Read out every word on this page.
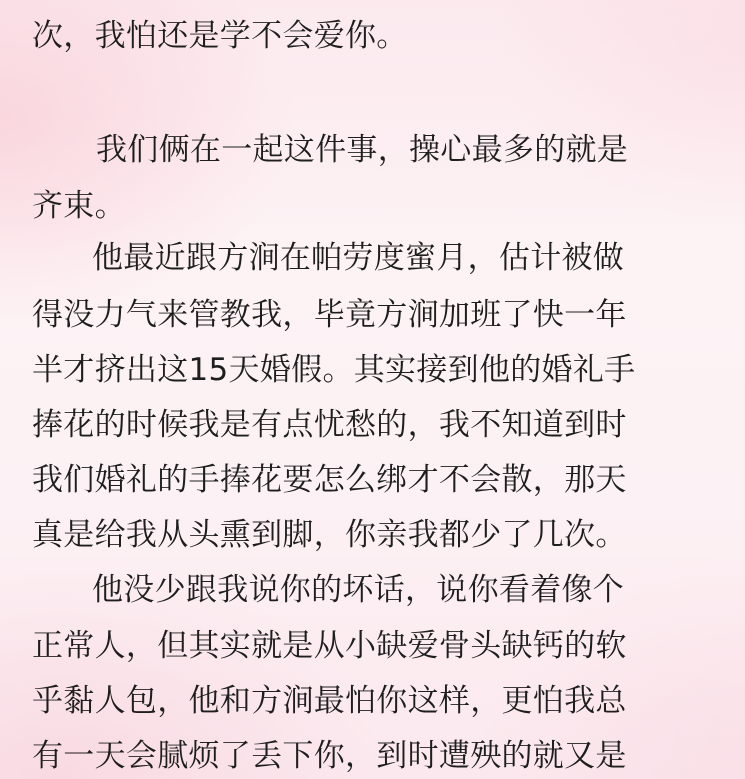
次，我怕还是学不会爱你。
我们俩在一起这件事，操心最多的就是
齐束。
他最近跟方涧在帕劳度蜜月，估计被做
得没力气来管教我，毕竟方涧加班了快一年
半才挤出这15天婚假。其实接到他的婚礼手
捧花的时候我是有点忧愁的，我不知道到时
我们婚礼的手捧花要怎么绑才不会散，那天
真是给我从头熏到脚，你亲我都少了几次。
他没少跟我说你的坏话，说你看着像个
正常人，但其实就是从小缺爱骨头缺钙的软
乎黏人包，他和方涧最怕你这样，更怕我总
有一天会腻烦了丢下你，到时遭殃的就又是
